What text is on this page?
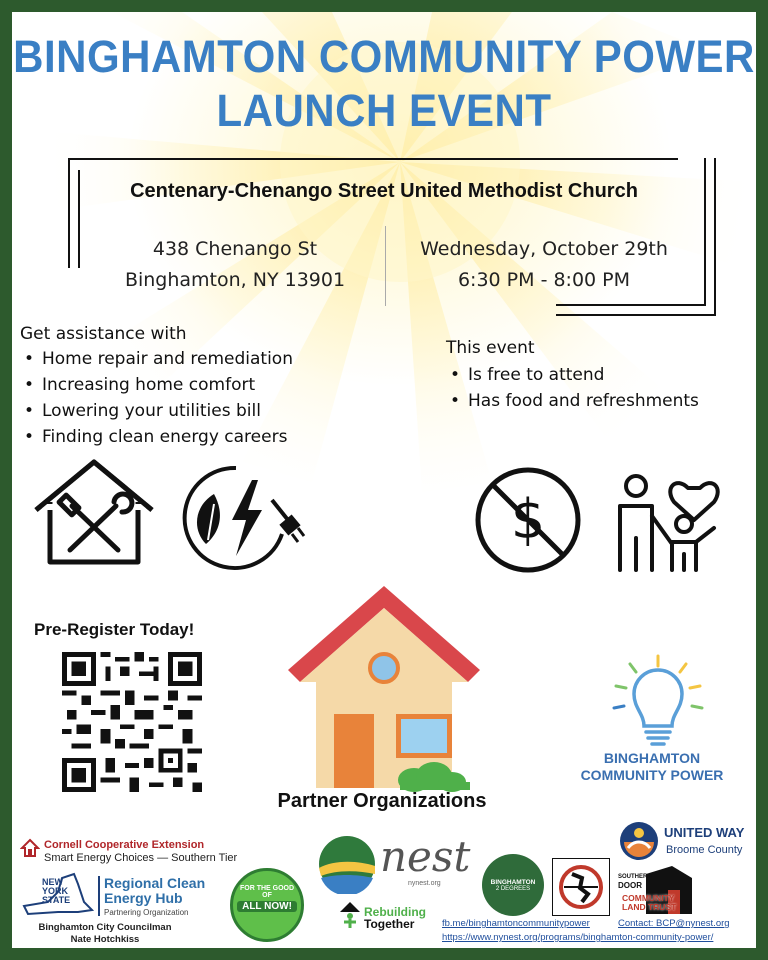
BINGHAMTON COMMUNITY POWER
LAUNCH EVENT
Centenary-Chenango Street United Methodist Church
438 Chenango St
Binghamton, NY 13901
Wednesday, October 29th
6:30 PM - 8:00 PM
Get assistance with
• Home repair and remediation
• Increasing home comfort
• Lowering your utilities bill
• Finding clean energy careers
This event
• Is free to attend
• Has food and refreshments
$
Pre-Register Today!
Partner Organizations
BINGHAMTON
COMMUNITY POWER
Cornell Cooperative Extension
Smart Energy Choices — Southern Tier
NEW
YORK
STATE
Regional Clean
Energy Hub
Partnering Organization
Binghamton City Councilman
Nate Hotchkiss
FOR THE GOOD
OF
ALL NOW!
nest
nynest.org
Rebuilding
Together
BINGHAMTON
2 DEGREES
UNITED WAY
Broome County
SOUTHERN
DOOR
COMMUNITY
LAND TRUST
fb.me/binghamtoncommunitypower	Contact: BCP@nynest.org
https://www.nynest.org/programs/binghamton-community-power/
